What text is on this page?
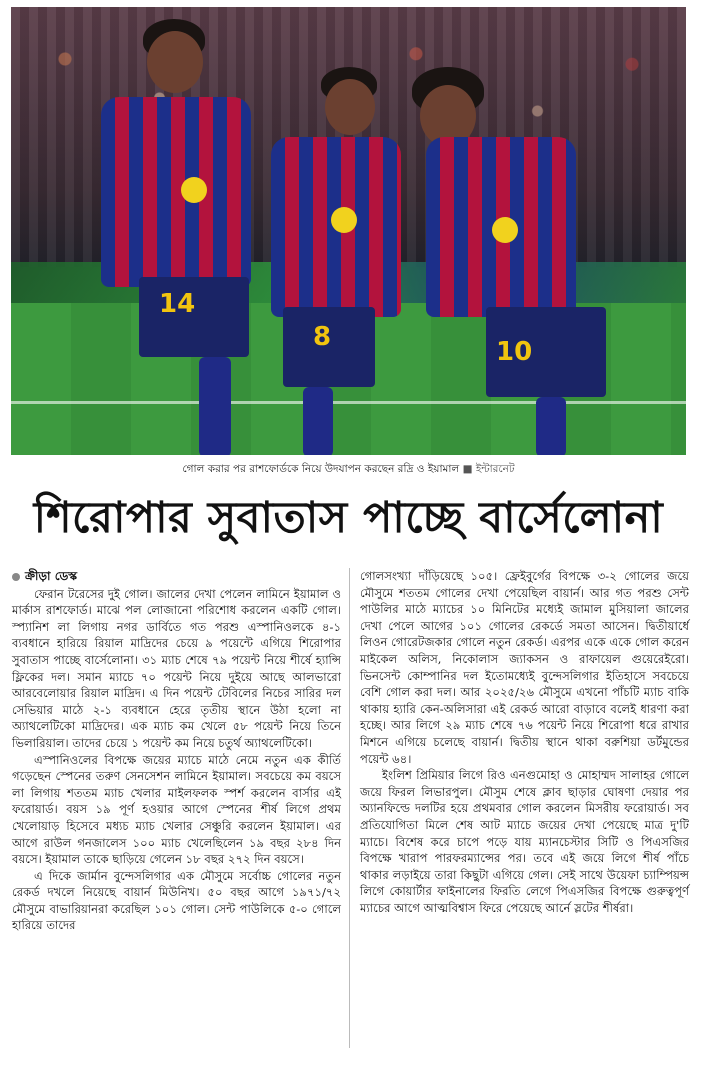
14
8	10
গোল করার পর রাশফোর্ডকে নিয়ে উদযাপন করছেন রদ্রি ও ইয়ামাল ■ ইন্টারনেট
শিরোপার সুবাতাস পাচ্ছে বার্সেলোনা
ক্রীড়া ডেস্ক

ফেরান টরেসের দুই গোল। জালের দেখা পেলেন লামিনে ইয়ামাল ও মার্কাস রাশফোর্ড। মাঝে পল লোজানো পরিশোধ করলেন একটি গোল। স্প্যানিশ লা লিগায় নগর ডার্বিতে গত পরশু এস্পানিওলকে ৪-১ ব্যবধানে হারিয়ে রিয়াল মাদ্রিদের চেয়ে ৯ পয়েন্টে এগিয়ে শিরোপার সুবাতাস পাচ্ছে বার্সেলোনা। ৩১ ম্যাচ শেষে ৭৯ পয়েন্ট নিয়ে শীর্ষে হ্যান্সি ফ্লিকের দল। সমান ম্যাচে ৭০ পয়েন্ট নিয়ে দুইয়ে আছে আলভারো আরবেলোয়ার রিয়াল মাদ্রিদ। এ দিন পয়েন্ট টেবিলের নিচের সারির দল সেভিয়ার মাঠে ২-১ ব্যবধানে হেরে তৃতীয় স্থানে উঠা হলো না অ্যাথলেটিকো মাদ্রিদের। এক ম্যাচ কম খেলে ৫৮ পয়েন্ট নিয়ে তিনে ভিলারিয়াল। তাদের চেয়ে ১ পয়েন্ট কম নিয়ে চতুর্থ অ্যাথলেটিকো।

এস্পানিওলের বিপক্ষে জয়ের ম্যাচে মাঠে নেমে নতুন এক কীর্তি গড়েছেন স্পেনের তরুণ সেনসেশন লামিনে ইয়ামাল। সবচেয়ে কম বয়সে লা লিগায় শততম ম্যাচ খেলার মাইলফলক স্পর্শ করলেন বার্সার এই ফরোয়ার্ড। বয়স ১৯ পূর্ণ হওয়ার আগে স্পেনের শীর্ষ লিগে প্রথম খেলোয়াড় হিসেবে মধ্যচ ম্যাচ খেলার সেঞ্চুরি করলেন ইয়ামাল। এর আগে রাউল গনজালেস ১০০ ম্যাচ খেলেছিলেন ১৯ বছর ২৮৪ দিন বয়সে। ইয়ামাল তাকে ছাড়িয়ে গেলেন ১৮ বছর ২৭২ দিন বয়সে।

এ দিকে জার্মান বুন্দেসলিগার এক মৌসুমে সর্বোচ্চ গোলের নতুন রেকর্ড দখলে নিয়েছে বায়ার্ন মিউনিখ। ৫০ বছর আগে ১৯৭১/৭২ মৌসুমে বাভারিয়ানরা করেছিল ১০১ গোল। সেন্ট পাউলিকে ৫-০ গোলে হারিয়ে তাদের

গোলসংখ্যা দাঁড়িয়েছে ১০৫। ফ্রেইবুর্গের বিপক্ষে ৩-২ গোলের জয়ে মৌসুমে শততম গোলের দেখা পেয়েছিল বায়ার্ন। আর গত পরশু সেন্ট পাউলির মাঠে ম্যাচের ১০ মিনিটের মধ্যেই জামাল মুসিয়ালা জালের দেখা পেলে আগের ১০১ গোলের রেকর্ডে সমতা আসেন। দ্বিতীয়ার্ধে লিওন গোরেটজকার গোলে নতুন রেকর্ড। এরপর একে একে গোল করেন মাইকেল অলিস, নিকোলাস জ্যাকসন ও রাফায়েল গুয়েরেইরো। ভিনসেন্ট কোম্পানির দল ইতোমধ্যেই বুন্দেসলিগার ইতিহাসে সবচেয়ে বেশি গোল করা দল। আর ২০২৫/২৬ মৌসুমে এখনো পাঁচটি ম্যাচ বাকি থাকায় হ্যারি কেন-অলিসারা এই রেকর্ড আরো বাড়াবে বলেই ধারণা করা হচ্ছে। আর লিগে ২৯ ম্যাচ শেষে ৭৬ পয়েন্ট নিয়ে শিরোপা ধরে রাখার মিশনে এগিয়ে চলেছে বায়ার্ন। দ্বিতীয় স্থানে থাকা বরুশিয়া ডর্টমুন্ডের পয়েন্ট ৬৪।

ইংলিশ প্রিমিয়ার লিগে রিও এনগুমোহা ও মোহাম্মদ সালাহর গোলে জয়ে ফিরল লিভারপুল। মৌসুম শেষে ক্লাব ছাড়ার ঘোষণা দেয়ার পর অ্যানফিল্ডে দলটির হয়ে প্রথমবার গোল করলেন মিসরীয় ফরোয়ার্ড। সব প্রতিযোগিতা মিলে শেষ আট ম্যাচে জয়ের দেখা পেয়েছে মাত্র দু'টি ম্যাচে। বিশেষ করে চাপে পড়ে যায় ম্যানচেস্টার সিটি ও পিএসজির বিপক্ষে খারাপ পারফরম্যান্সের পর। তবে এই জয়ে লিগে শীর্ষ পাঁচে থাকার লড়াইয়ে তারা কিছুটা এগিয়ে গেল। সেই সাথে উয়েফা চ্যাম্পিয়ন্স লিগে কোয়ার্টার ফাইনালের ফিরতি লেগে পিএসজির বিপক্ষে গুরুত্বপূর্ণ ম্যাচের আগে আত্মবিশ্বাস ফিরে পেয়েছে আর্নে স্লটের শীর্ষরা।
